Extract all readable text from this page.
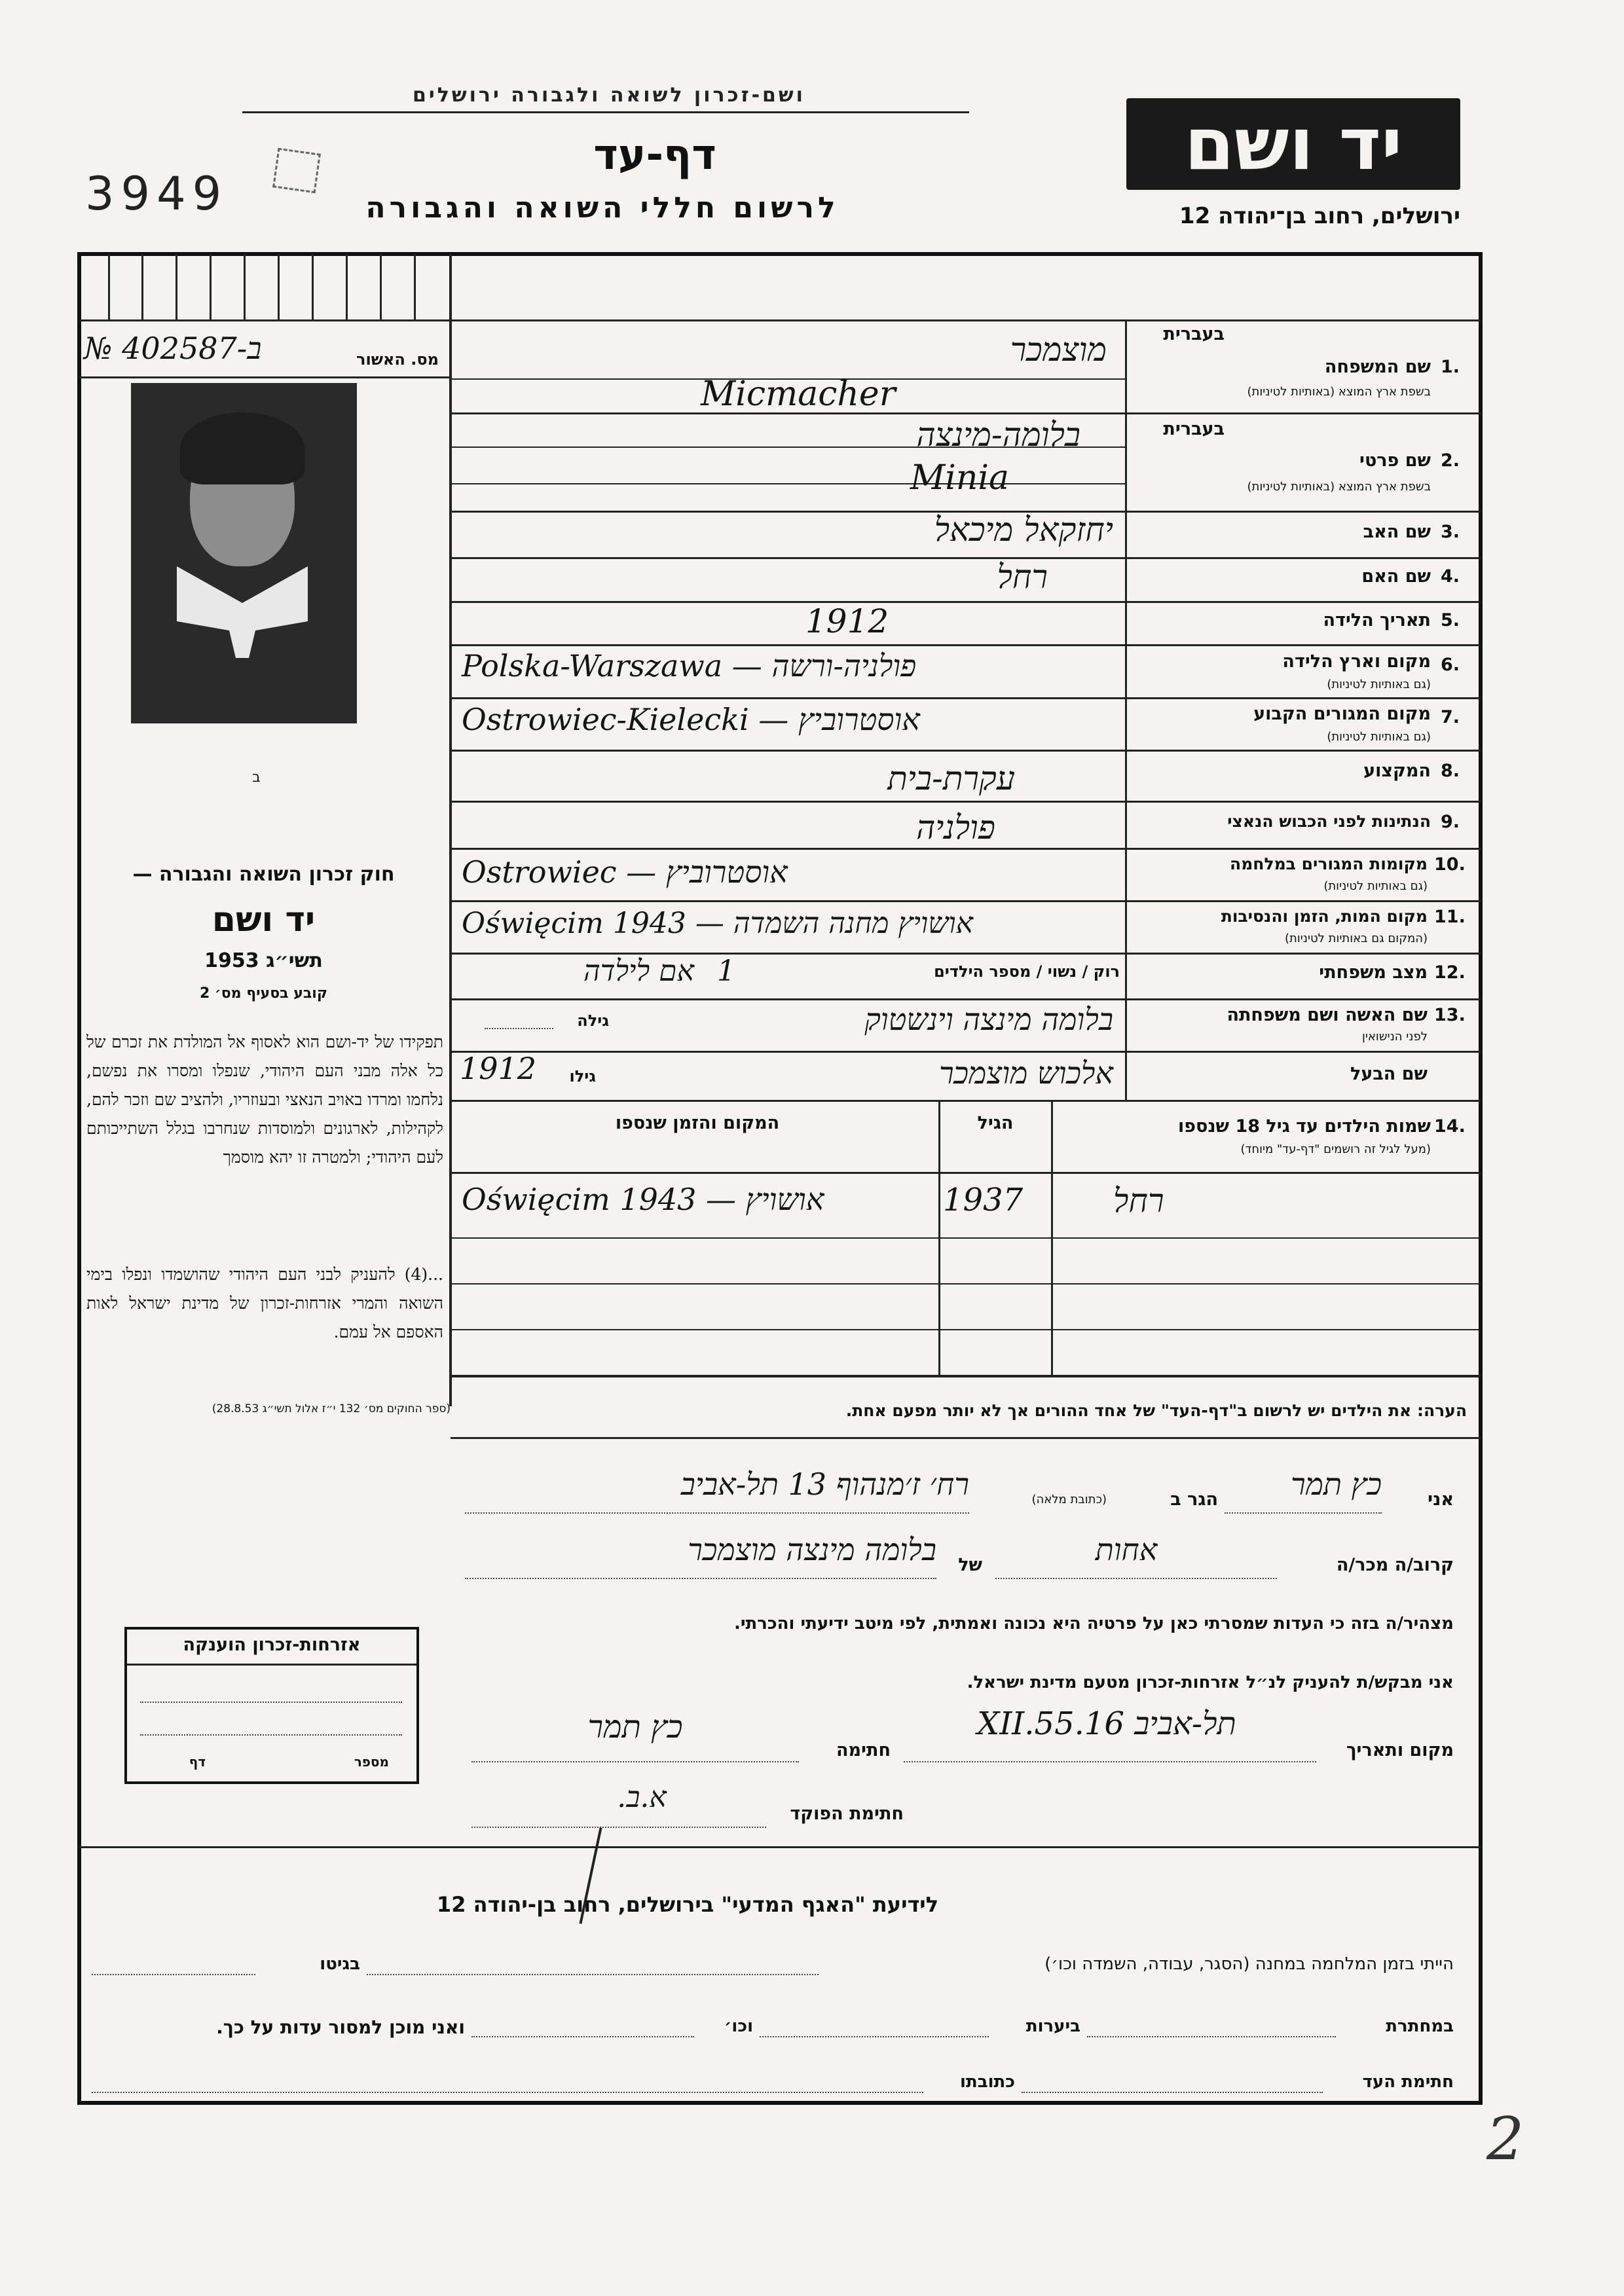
ושם-זכרון לשואה ולגבורה ירושלים
3949
דף-עד
לרשום חללי השואה והגבורה
יד ושם
ירושלים, רחוב בן־יהודה 12
№ 402587-ב	מס. האשור
ב
חוק זכרון השואה והגבורה —
יד ושם
תשי״ג 1953
קובע בסעיף מס׳ 2
תפקידו של יד-ושם הוא לאסוף אל המולדת את זכרם של כל אלה מבני העם היהודי, שנפלו ומסרו את נפשם, נלחמו ומרדו באויב הנאצי ובעוזריו, ולהציב שם וזכר להם, לקהילות, לארגונים ולמוסדות שנחרבו בגלל השתייכותם לעם היהודי; ולמטרה זו יהא מוסמך
...(4) להעניק לבני העם היהודי שהושמדו ונפלו בימי השואה והמרי אזרחות-זכרון של מדינת ישראל לאות האספם אל עמם.
(ספר החוקים מס׳ 132 י״ז אלול תשי״ג 28.8.53)
1.
בעברית
שם המשפחה
בשפת ארץ המוצא (באותיות לטיניות)
מוצמכר
Micmacher
2.
בעברית
שם פרטי
בשפת ארץ המוצא (באותיות לטיניות)
בלומה-מינצה
Minia
3.
שם האב
יחזקאל מיכאל
4.
שם האם
רחל
5.
תאריך הלידה
1912
6.
מקום וארץ הלידה
(גם באותיות לטיניות)
Polska-Warszawa — פולניה-ורשה
7.
מקום המגורים הקבוע
(גם באותיות לטיניות)
Ostrowiec-Kielecki — אוסטרוביץ
8.
המקצוע
עקרת-בית
9.
הנתינות לפני הכבוש הנאצי
פולניה
10.
מקומות המגורים במלחמה
(גם באותיות לטיניות)
Ostrowiec — אוסטרוביץ
11.
מקום המות, הזמן והנסיבות
(המקום גם באותיות לטיניות)
Oświęcim 1943 — אושויץ מחנה השמדה
12.
מצב משפחתי
רוק / נשוי / מספר הילדים
1
אם לילדה
13.
שם האשה ושם משפחתה
לפני הנישואין
בלומה מינצה וינשטוק
גילה
שם הבעל
אלכוש מוצמכר
גילו
1912
14.
שמות הילדים עד גיל 18 שנספו
(מעל לגיל זה רושמים "דף-עד" מיוחד)
הגיל
המקום והזמן שנספו
רחל
1937
Oświęcim 1943 — אושויץ
הערה: את הילדים יש לרשום ב"דף-העד" של אחד ההורים אך לא יותר מפעם אחת.
אני
כץ תמר
הגר ב
(כתובת מלאה)
רח׳ ז׳מנהוף 13 תל-אביב
קרוב/ה מכר/ה
אחות
של
בלומה מינצה מוצמכר
מצהיר/ה בזה כי העדות שמסרתי כאן על פרטיה היא נכונה ואמתית, לפי מיטב ידיעתי והכרתי.
אני מבקש/ת להעניק לנ״ל אזרחות-זכרון מטעם מדינת ישראל.
מקום ותאריך
תל-אביב 16.XII.55
חתימה
כץ תמר
חתימת הפוקד
א.ב.
אזרחות-זכרון הוענקה
מספר
דף
לידיעת "האגף המדעי" בירושלים, רחוב בן-יהודה 12
הייתי בזמן המלחמה במחנה (הסגר, עבודה, השמדה וכו׳)
בגיטו
במחתרת
ביערות
וכו׳
ואני מוכן למסור עדות על כך.
חתימת העד
כתובתו
2
